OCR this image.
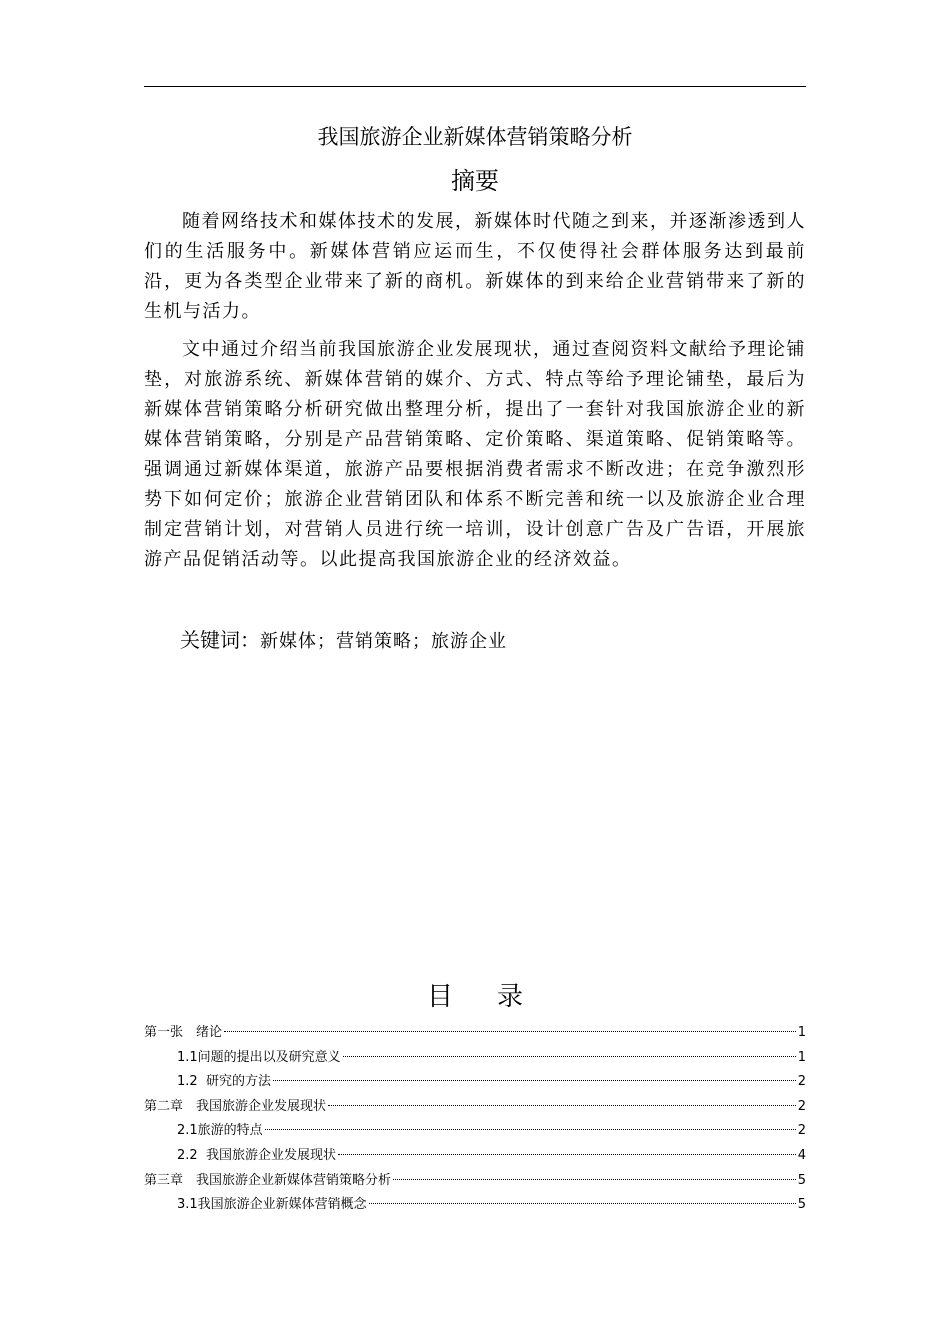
我国旅游企业新媒体营销策略分析
摘要

随着网络技术和媒体技术的发展，新媒体时代随之到来，并逐渐渗透到人们的生活服务中。新媒体营销应运而生，不仅使得社会群体服务达到最前沿，更为各类型企业带来了新的商机。新媒体的到来给企业营销带来了新的生机与活力。

文中通过介绍当前我国旅游企业发展现状，通过查阅资料文献给予理论铺垫，对旅游系统、新媒体营销的媒介、方式、特点等给予理论铺垫，最后为新媒体营销策略分析研究做出整理分析，提出了一套针对我国旅游企业的新媒体营销策略，分别是产品营销策略、定价策略、渠道策略、促销策略等。强调通过新媒体渠道，旅游产品要根据消费者需求不断改进；在竞争激烈形势下如何定价；旅游企业营销团队和体系不断完善和统一以及旅游企业合理制定营销计划，对营销人员进行统一培训，设计创意广告及广告语，开展旅游产品促销活动等。以此提高我国旅游企业的经济效益。

关键词：新媒体；营销策略；旅游企业
目录
第一张　绪论	1
1.1问题的提出以及研究意义	1
1.2  研究的方法	2
第二章　我国旅游企业发展现状	2
2.1旅游的特点	2
2.2  我国旅游企业发展现状	4
第三章　我国旅游企业新媒体营销策略分析	5
3.1我国旅游企业新媒体营销概念	5
